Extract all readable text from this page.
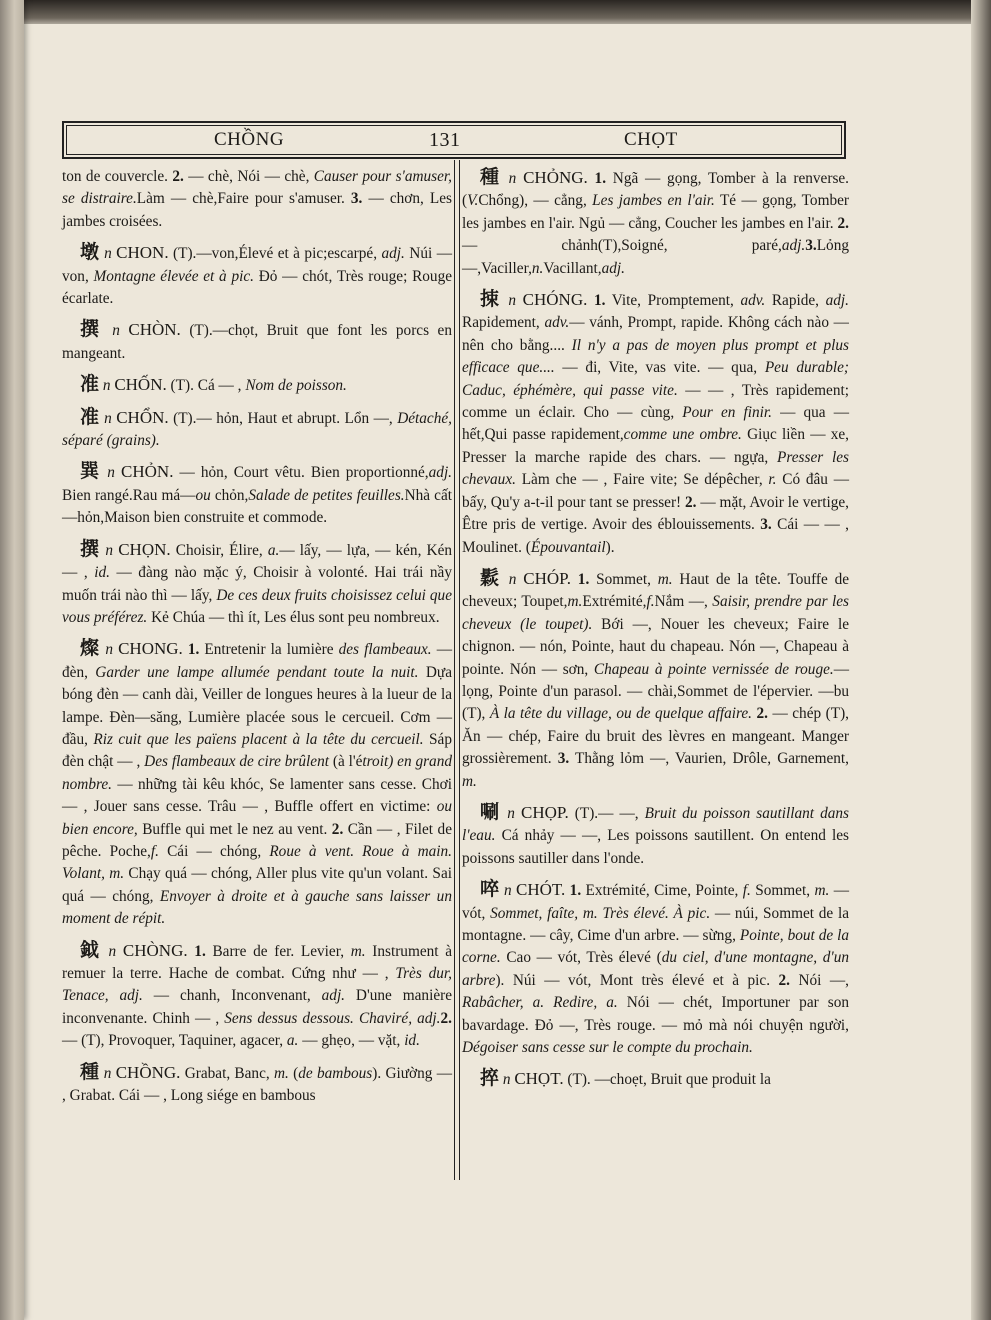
CHỒNG	131	CHỌT

ton de couvercle. 2. — chè, Nói — chè, Causer pour s'amuser, se distraire.Làm — chè,Faire pour s'amuser. 3. — chơn, Les jambes croisées.

墩 n CHON. (T).—von,Élevé et à pic;escarpé, adj. Núi — von, Montagne élevée et à pic. Đỏ — chót, Très rouge; Rouge écarlate.

撰 n CHÒN. (T).—chọt, Bruit que font les porcs en mangeant.

准 n CHỐN. (T). Cá — , Nom de poisson.

准 n CHỔN. (T).— hỏn, Haut et abrupt. Lổn —, Détaché, séparé (grains).

巽 n CHỎN. — hỏn, Court vêtu. Bien proportionné,adj. Bien rangé.Rau má—ou chỏn,Salade de petites feuilles.Nhà cất—hỏn,Maison bien construite et commode.

撰 n CHỌN. Choisir, Élire, a.— lấy, — lựa, — kén, Kén — , id. — đàng nào mặc ý, Choisir à volonté. Hai trái nầy muốn trái nào thì — lấy, De ces deux fruits choisissez celui que vous préférez. Kẻ Chúa — thì ít, Les élus sont peu nombreux.

燦 n CHONG. 1. Entretenir la lumière des flambeaux. — đèn, Garder une lampe allumée pendant toute la nuit. Dựa bóng đèn — canh dài, Veiller de longues heures à la lueur de la lampe. Đèn—săng, Lumière placée sous le cercueil. Cơm — đầu, Riz cuit que les païens placent à la tête du cercueil. Sáp đèn chật — , Des flambeaux de cire brûlent (à l'étroit) en grand nombre. — những tài kêu khóc, Se lamenter sans cesse. Chơi — , Jouer sans cesse. Trâu — , Buffle offert en victime: ou bien encore, Buffle qui met le nez au vent. 2. Cần — , Filet de pêche. Poche,f. Cái — chóng, Roue à vent. Roue à main. Volant, m. Chạy quá — chóng, Aller plus vite qu'un volant. Sai quá — chóng, Envoyer à droite et à gauche sans laisser un moment de répit.

鉞 n CHÒNG. 1. Barre de fer. Levier, m. Instrument à remuer la terre. Hache de combat. Cứng như — , Très dur, Tenace, adj. — chanh, Inconvenant, adj. D'une manière inconvenante. Chinh — , Sens dessus dessous. Chaviré, adj.2. — (T), Provoquer, Taquiner, agacer, a. — ghẹo, — vặt, id.

種 n CHỒNG. Grabat, Banc, m. (de bambous). Giường — , Grabat. Cái — , Long siége en bambous

種 n CHỎNG. 1. Ngã — gọng, Tomber à la renverse. (V.Chổng), — cẳng, Les jambes en l'air. Té — gọng, Tomber les jambes en l'air. Ngủ — cẳng, Coucher les jambes en l'air. 2.— chảnh(T),Soigné, paré,adj.3.Lỏng—,Vaciller,n.Vacillant,adj.

捒 n CHÓNG. 1. Vite, Promptement, adv. Rapide, adj. Rapidement, adv.— vánh, Prompt, rapide. Không cách nào — nên cho bằng.... Il n'y a pas de moyen plus prompt et plus efficace que.... — đi, Vite, vas vite. — qua, Peu durable; Caduc, éphémère, qui passe vite. — — , Très rapidement; comme un éclair. Cho — cùng, Pour en finir. — qua — hết,Qui passe rapidement,comme une ombre. Giục liền — xe, Presser la marche rapide des chars. — ngựa, Presser les chevaux. Làm che — , Faire vite; Se dépêcher, r. Có đâu — bấy, Qu'y a-t-il pour tant se presser! 2. — mặt, Avoir le vertige, Être pris de vertige. Avoir des éblouissements. 3. Cái — — , Moulinet. (Épouvantail).

鬏 n CHÓP. 1. Sommet, m. Haut de la tête. Touffe de cheveux; Toupet,m.Extrémité,f.Nắm —, Saisir, prendre par les cheveux (le toupet). Bới —, Nouer les cheveux; Faire le chignon. — nón, Pointe, haut du chapeau. Nón —, Chapeau à pointe. Nón — sơn, Chapeau à pointe vernissée de rouge.— lọng, Pointe d'un parasol. — chài,Sommet de l'épervier. —bu (T), À la tête du village, ou de quelque affaire. 2. — chép (T), Ăn — chép, Faire du bruit des lèvres en mangeant. Manger grossièrement. 3. Thằng lỏm —, Vaurien, Drôle, Garnement, m.

唰 n CHỌP. (T).— —, Bruit du poisson sautillant dans l'eau. Cá nhảy — —, Les poissons sautillent. On entend les poissons sautiller dans l'onde.

啐 n CHÓT. 1. Extrémité, Cime, Pointe, f. Sommet, m. — vót, Sommet, faîte, m. Très élevé. À pic. — núi, Sommet de la montagne. — cây, Cime d'un arbre. — sừng, Pointe, bout de la corne. Cao — vót, Très élevé (du ciel, d'une montagne, d'un arbre). Núi — vót, Mont très élevé et à pic. 2. Nói —, Rabâcher, a. Redire, a. Nói — chét, Importuner par son bavardage. Đỏ —, Très rouge. — mỏ mà nói chuyện người, Dégoiser sans cesse sur le compte du prochain.

捽 n CHỌT. (T). —choẹt, Bruit que produit la
